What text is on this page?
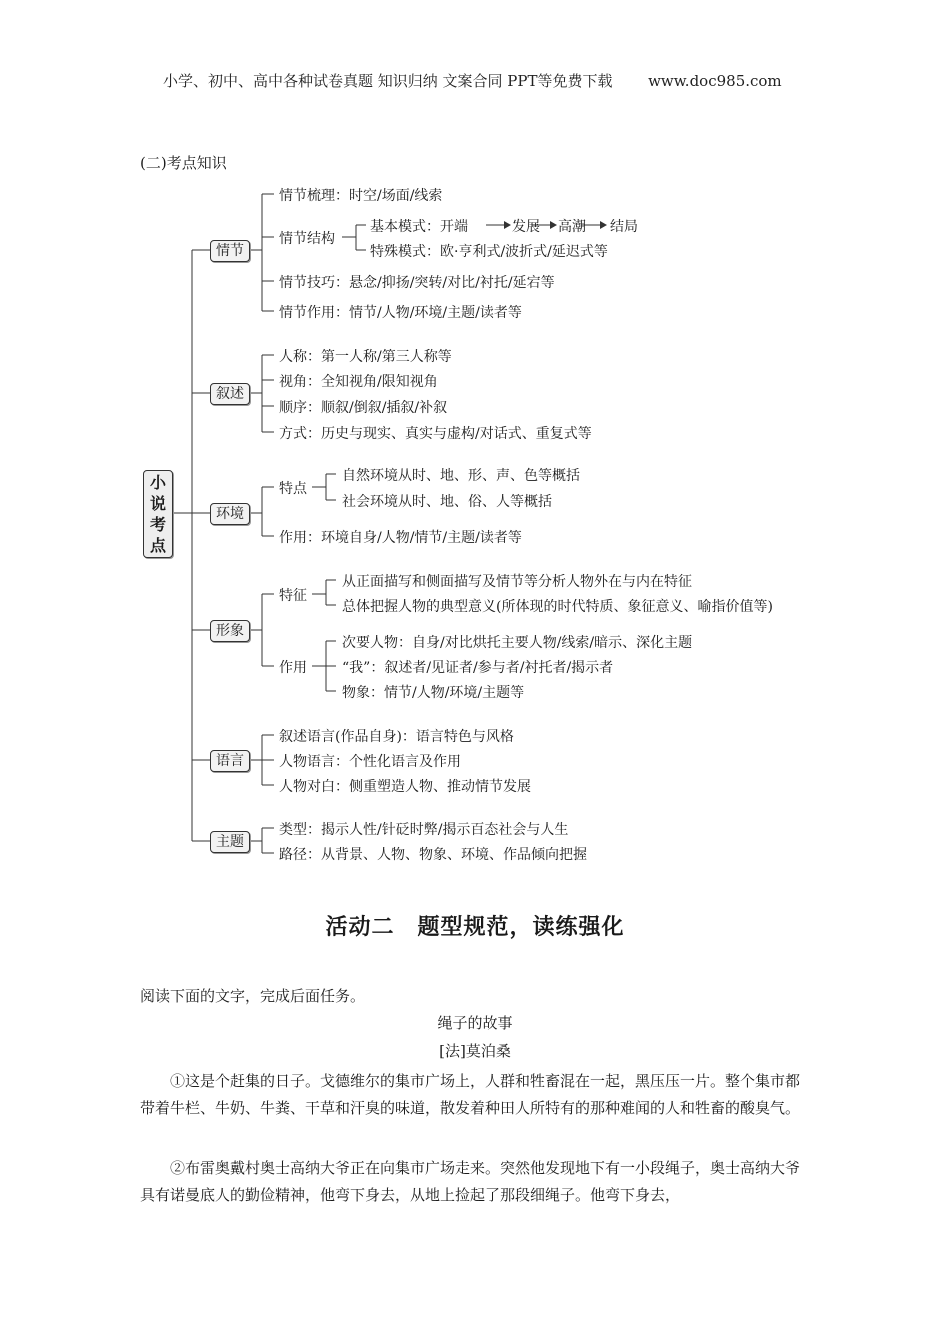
小学、初中、高中各种试卷真题 知识归纳 文案合同 PPT等免费下载 www.doc985.com
(二)考点知识
小
说
考
点
情节
叙述
环境
形象
语言
主题
情节梳理：时空/场面/线索
情节结构
情节技巧：悬念/抑扬/突转/对比/衬托/延宕等
情节作用：情节/人物/环境/主题/读者等
基本模式：开端	发展 高潮 结局
特殊模式：欧·亨利式/波折式/延迟式等
人称：第一人称/第三人称等
视角：全知视角/限知视角
顺序：顺叙/倒叙/插叙/补叙
方式：历史与现实、真实与虚构/对话式、重复式等
特点
作用：环境自身/人物/情节/主题/读者等
自然环境从时、地、形、声、色等概括
社会环境从时、地、俗、人等概括
特征
作用
从正面描写和侧面描写及情节等分析人物外在与内在特征
总体把握人物的典型意义(所体现的时代特质、象征意义、喻指价值等)
次要人物：自身/对比烘托主要人物/线索/暗示、深化主题
“我”：叙述者/见证者/参与者/衬托者/揭示者
物象：情节/人物/环境/主题等
叙述语言(作品自身)：语言特色与风格
人物语言：个性化语言及作用
人物对白：侧重塑造人物、推动情节发展
类型：揭示人性/针砭时弊/揭示百态社会与人生
路径：从背景、人物、物象、环境、作品倾向把握
活动二　题型规范，读练强化
阅读下面的文字，完成后面任务。
绳子的故事
[法]莫泊桑
①这是个赶集的日子。戈德维尔的集市广场上，人群和牲畜混在一起，黑压压一片。整个集市都带着牛栏、牛奶、牛粪、干草和汗臭的味道，散发着种田人所特有的那种难闻的人和牲畜的酸臭气。
②布雷奥戴村奥士高纳大爷正在向集市广场走来。突然他发现地下有一小段绳子，奥士高纳大爷具有诺曼底人的勤俭精神，他弯下身去，从地上捡起了那段细绳子。他弯下身去，
